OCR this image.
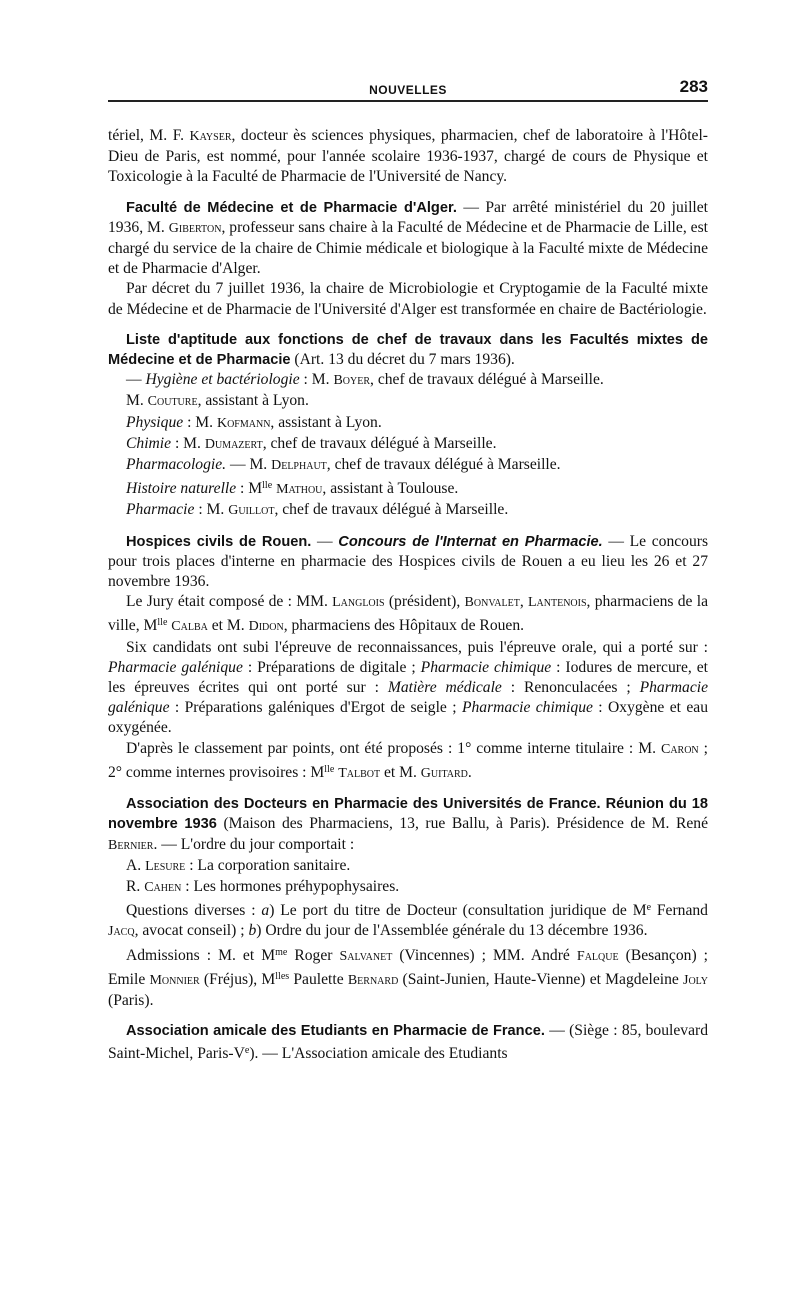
NOUVELLES	283

tériel, M. F. Kayser, docteur ès sciences physiques, pharmacien, chef de laboratoire à l'Hôtel-Dieu de Paris, est nommé, pour l'année scolaire 1936-1937, chargé de cours de Physique et Toxicologie à la Faculté de Pharmacie de l'Université de Nancy.

Faculté de Médecine et de Pharmacie d'Alger. — Par arrêté ministériel du 20 juillet 1936, M. Giberton, professeur sans chaire à la Faculté de Médecine et de Pharmacie de Lille, est chargé du service de la chaire de Chimie médicale et biologique à la Faculté mixte de Médecine et de Pharmacie d'Alger.

Par décret du 7 juillet 1936, la chaire de Microbiologie et Cryptogamie de la Faculté mixte de Médecine et de Pharmacie de l'Université d'Alger est transformée en chaire de Bactériologie.

Liste d'aptitude aux fonctions de chef de travaux dans les Facultés mixtes de Médecine et de Pharmacie (Art. 13 du décret du 7 mars 1936).

— Hygiène et bactériologie : M. Boyer, chef de travaux délégué à Marseille.

M. Couture, assistant à Lyon.

Physique : M. Kofmann, assistant à Lyon.

Chimie : M. Dumazert, chef de travaux délégué à Marseille.

Pharmacologie. — M. Delphaut, chef de travaux délégué à Marseille.

Histoire naturelle : $M^{lle}$ Mathou, assistant à Toulouse.

Pharmacie : M. Guillot, chef de travaux délégué à Marseille.

Hospices civils de Rouen. — Concours de l'Internat en Pharmacie. — Le concours pour trois places d'interne en pharmacie des Hospices civils de Rouen a eu lieu les 26 et 27 novembre 1936.

Le Jury était composé de : MM. Langlois (président), Bonvalet, Lantenois, pharmaciens de la ville, $M^{lle}$ Calba et M. Didon, pharmaciens des Hôpitaux de Rouen.

Six candidats ont subi l'épreuve de reconnaissances, puis l'épreuve orale, qui a porté sur : Pharmacie galénique : Préparations de digitale ; Pharmacie chimique : Iodures de mercure, et les épreuves écrites qui ont porté sur : Matière médicale : Renonculacées ; Pharmacie galénique : Préparations galéniques d'Ergot de seigle ; Pharmacie chimique : Oxygène et eau oxygénée.

D'après le classement par points, ont été proposés : 1° comme interne titulaire : M. Caron ; 2° comme internes provisoires : $M^{lle}$ Talbot et M. Guitard.

Association des Docteurs en Pharmacie des Universités de France. Réunion du 18 novembre 1936 (Maison des Pharmaciens, 13, rue Ballu, à Paris). Présidence de M. René Bernier. — L'ordre du jour comportait :

A. Lesure : La corporation sanitaire.

R. Cahen : Les hormones préhypophysaires.

Questions diverses : a) Le port du titre de Docteur (consultation juridique de Me Fernand Jacq, avocat conseil) ; b) Ordre du jour de l'Assemblée générale du 13 décembre 1936.

Admissions : M. et $M^{me}$ Roger Salvanet (Vincennes) ; MM. André Falque (Besançon) ; Emile Monnier (Fréjus), $M^{lles}$ Paulette Bernard (Saint-Junien, Haute-Vienne) et Magdeleine Joly (Paris).

Association amicale des Etudiants en Pharmacie de France. — (Siège : 85, boulevard Saint-Michel, Paris-Ve). — L'Association amicale des Etudiants
